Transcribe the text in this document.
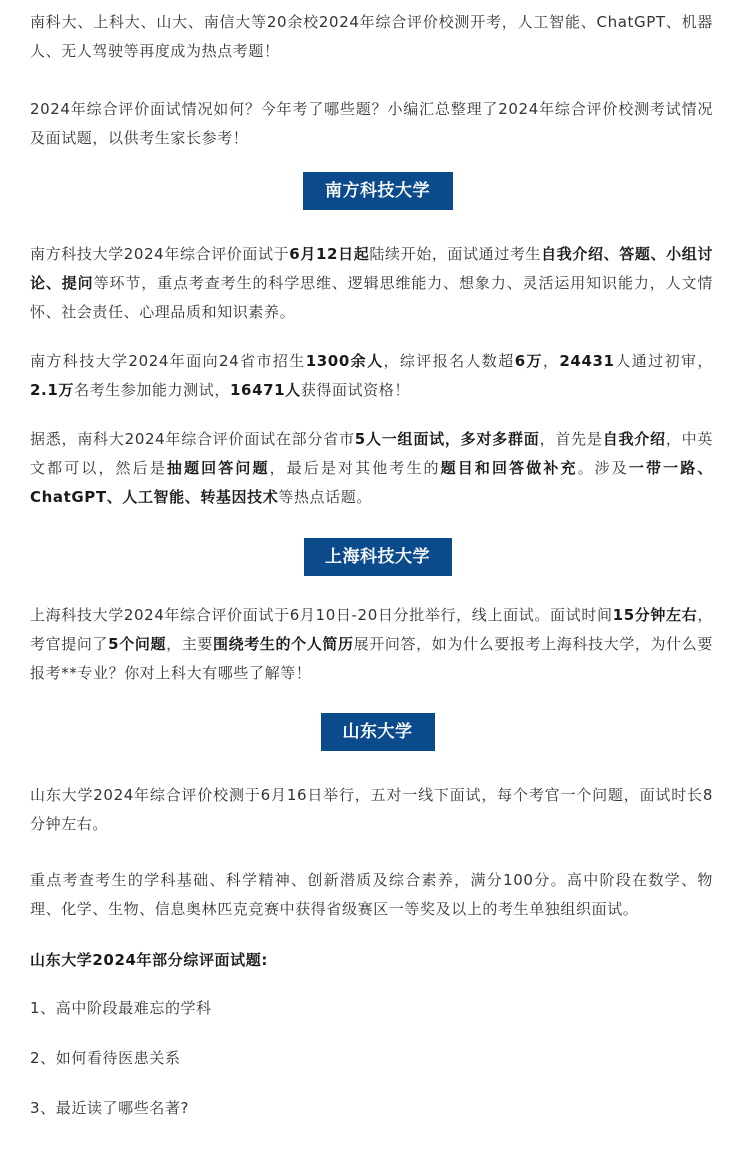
南科大、上科大、山大、南信大等20余校2024年综合评价校测开考，人工智能、ChatGPT、机器人、无人驾驶等再度成为热点考题！

2024年综合评价面试情况如何？今年考了哪些题？小编汇总整理了2024年综合评价校测考试情况及面试题，以供考生家长参考！

南方科技大学

南方科技大学2024年综合评价面试于6月12日起陆续开始，面试通过考生自我介绍、答题、小组讨论、提问等环节，重点考查考生的科学思维、逻辑思维能力、想象力、灵活运用知识能力，人文情怀、社会责任、心理品质和知识素养。

南方科技大学2024年面向24省市招生1300余人，综评报名人数超6万，24431人通过初审，2.1万名考生参加能力测试，16471人获得面试资格！

据悉，南科大2024年综合评价面试在部分省市5人一组面试，多对多群面，首先是自我介绍，中英文都可以，然后是抽题回答问题，最后是对其他考生的题目和回答做补充。涉及一带一路、ChatGPT、人工智能、转基因技术等热点话题。

上海科技大学

上海科技大学2024年综合评价面试于6月10日-20日分批举行，线上面试。面试时间15分钟左右，考官提问了5个问题，主要围绕考生的个人简历展开问答，如为什么要报考上海科技大学，为什么要报考**专业？你对上科大有哪些了解等！

山东大学

山东大学2024年综合评价校测于6月16日举行，五对一线下面试，每个考官一个问题，面试时长8分钟左右。

重点考查考生的学科基础、科学精神、创新潜质及综合素养，满分100分。高中阶段在数学、物理、化学、生物、信息奥林匹克竞赛中获得省级赛区一等奖及以上的考生单独组织面试。

山东大学2024年部分综评面试题:

1、高中阶段最难忘的学科

2、如何看待医患关系

3、最近读了哪些名著?
